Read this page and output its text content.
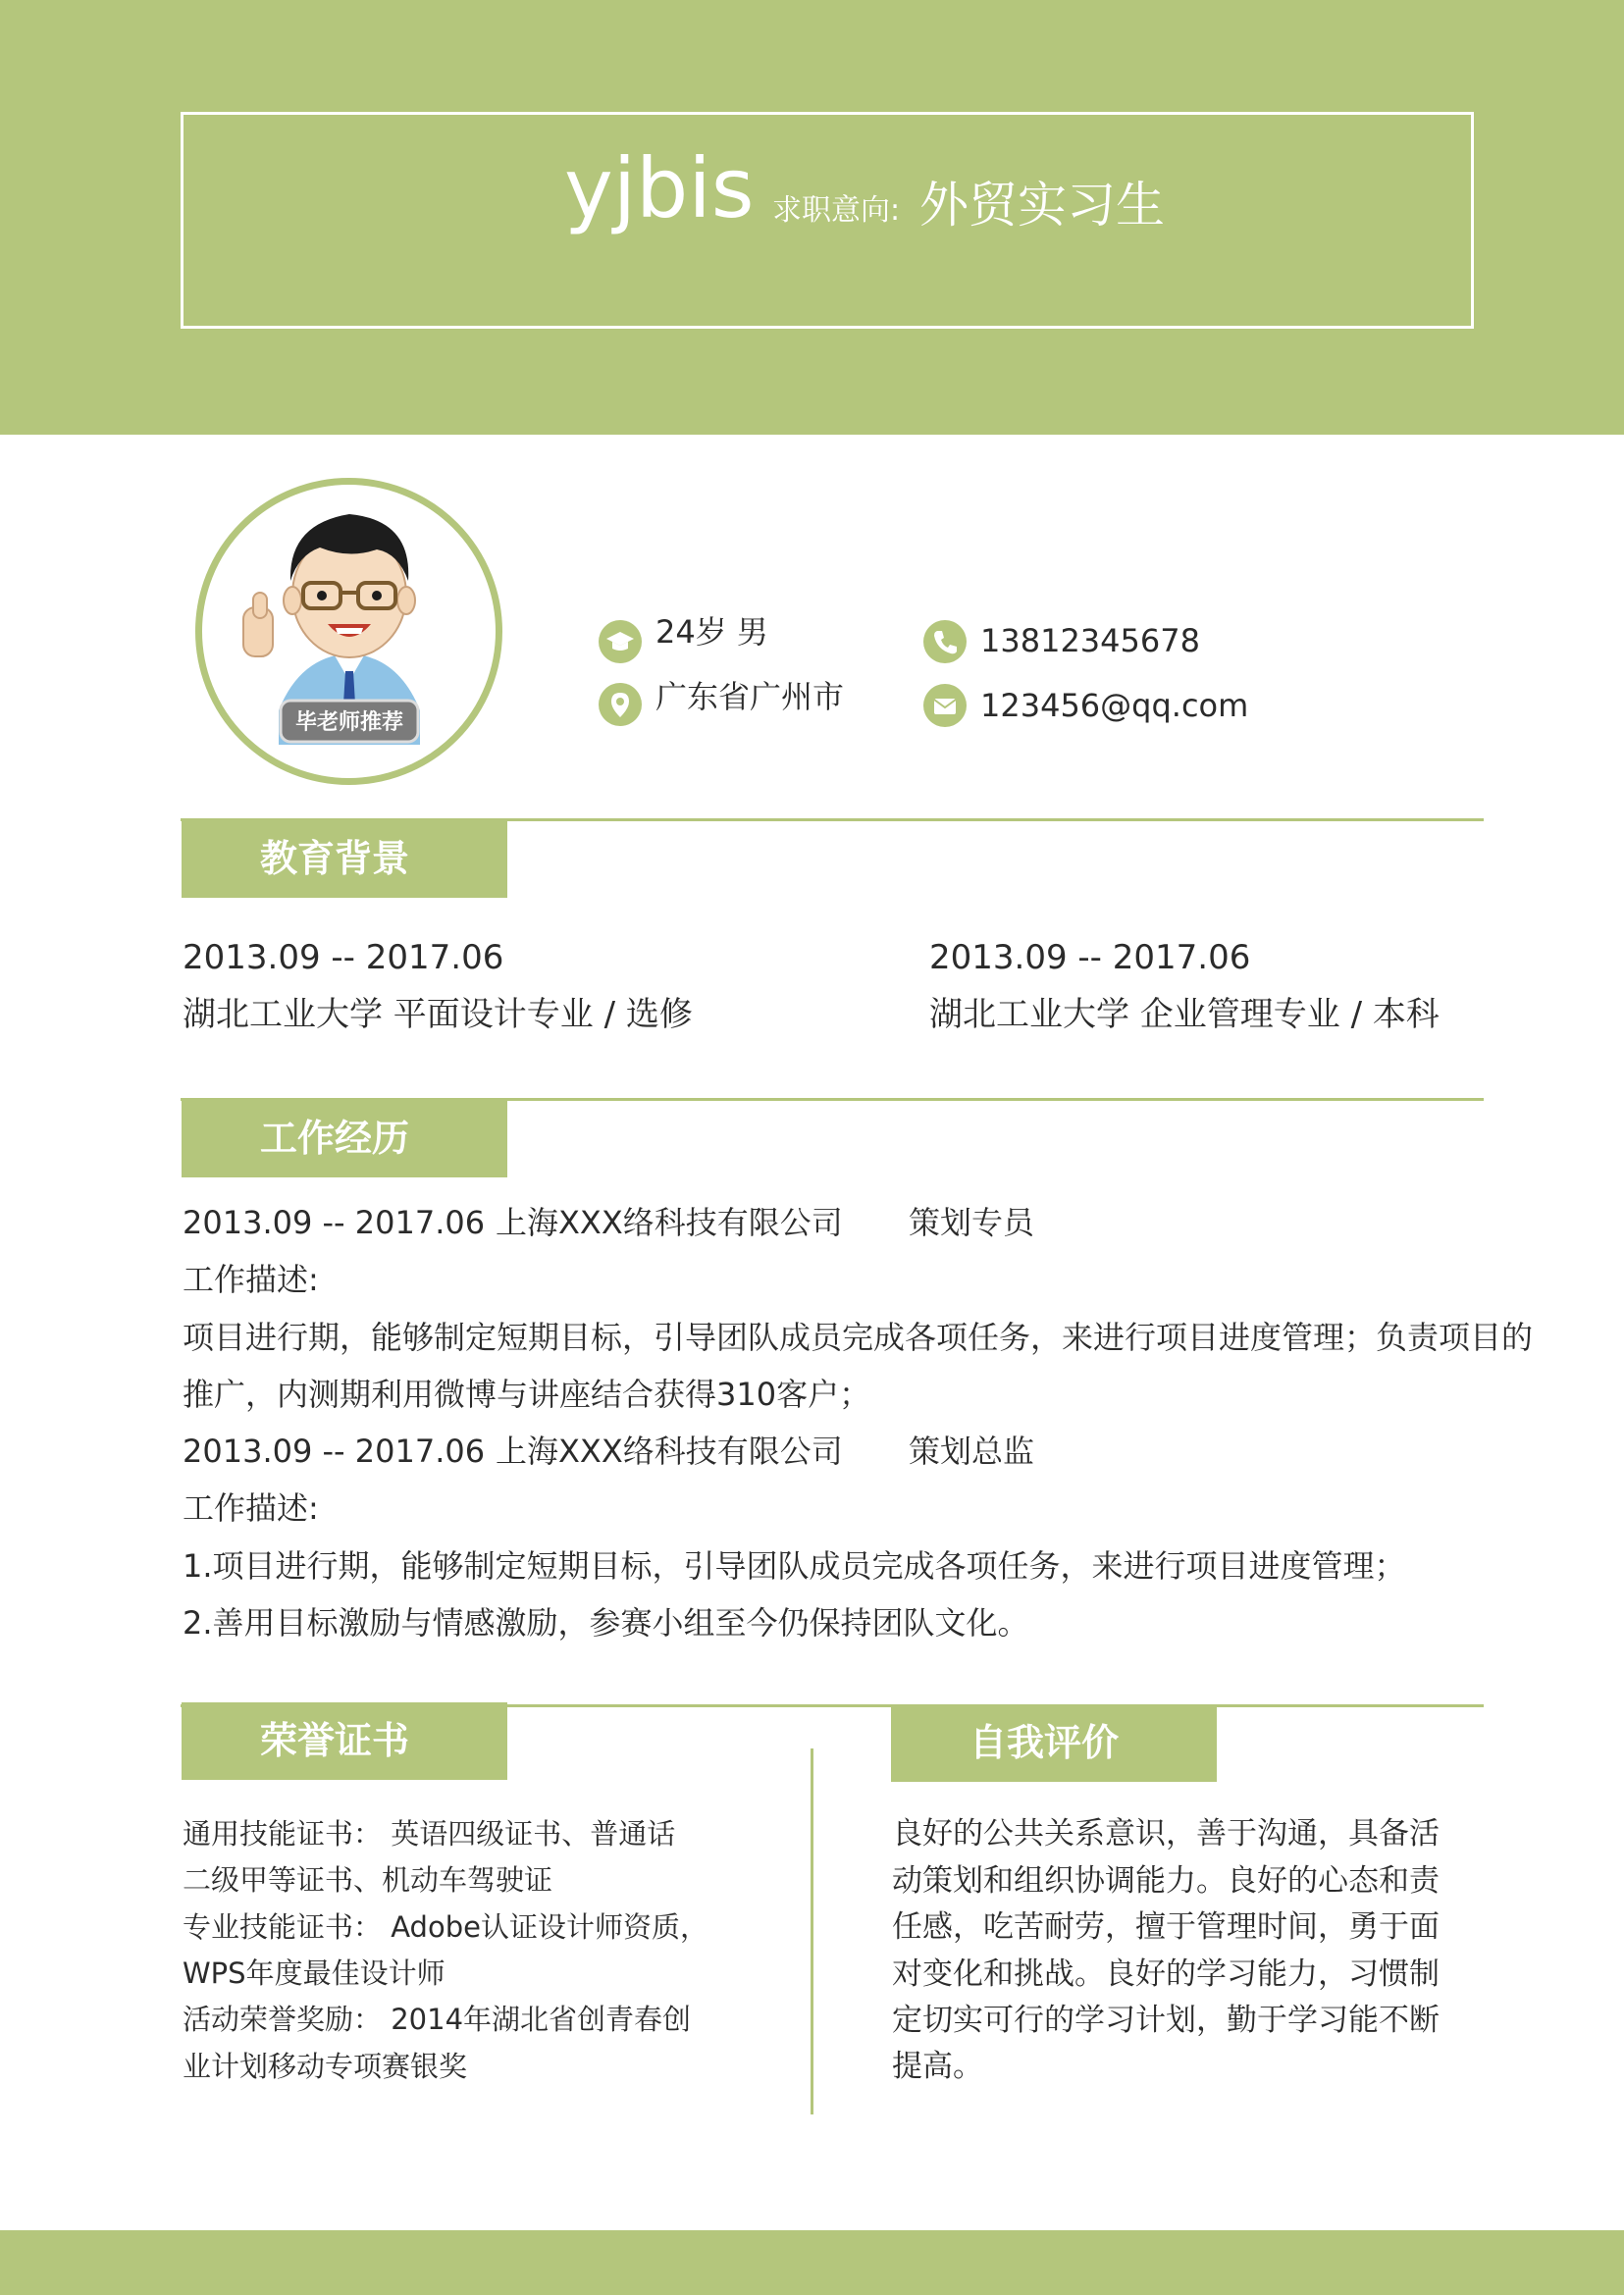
yjbis 求职意向: 外贸实习生
毕老师推荐
24岁 男
广东省广州市
13812345678
123456@qq.com
教育背景
2013.09 -- 2017.06
湖北工业大学 平面设计专业 / 选修
2013.09 -- 2017.06
湖北工业大学 企业管理专业 / 本科
工作经历
2013.09 -- 2017.06 上海XXX络科技有限公司 策划专员
工作描述:
项目进行期，能够制定短期目标，引导团队成员完成各项任务，来进行项目进度管理；负责项目的
推广，内测期利用微博与讲座结合获得310客户；
2013.09 -- 2017.06 上海XXX络科技有限公司 策划总监
工作描述:
1.项目进行期，能够制定短期目标，引导团队成员完成各项任务，来进行项目进度管理；
2.善用目标激励与情感激励，参赛小组至今仍保持团队文化。
荣誉证书
通用技能证书： 英语四级证书、普通话
二级甲等证书、机动车驾驶证
专业技能证书： Adobe认证设计师资质，
WPS年度最佳设计师
活动荣誉奖励： 2014年湖北省创青春创
业计划移动专项赛银奖
自我评价
良好的公共关系意识，善于沟通，具备活
动策划和组织协调能力。良好的心态和责
任感，吃苦耐劳，擅于管理时间，勇于面
对变化和挑战。良好的学习能力，习惯制
定切实可行的学习计划，勤于学习能不断
提高。
